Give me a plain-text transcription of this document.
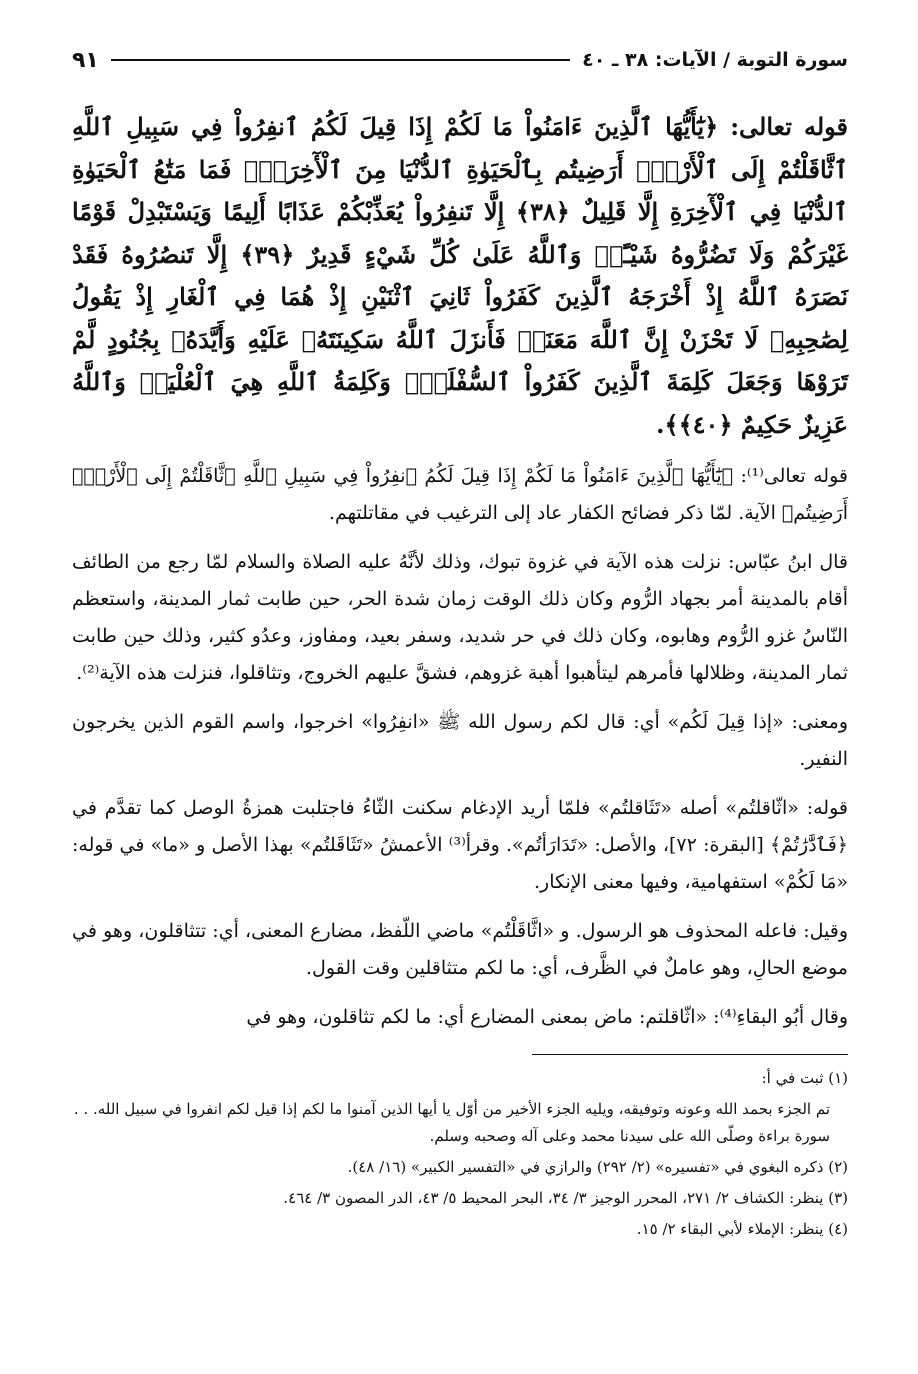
سورة التوبة / الآيات: ٣٨ ـ ٤٠
٩١

قوله تعالى: ﴿يَٰٓأَيُّهَا ٱلَّذِينَ ءَامَنُواْ مَا لَكُمْ إِذَا قِيلَ لَكُمُ ٱنفِرُواْ فِي سَبِيلِ ٱللَّهِ ٱثَّاقَلْتُمْ إِلَى ٱلْأَرْضِۚ أَرَضِيتُم بِٱلْحَيَوٰةِ ٱلدُّنْيَا مِنَ ٱلْأٓخِرَةِۚ فَمَا مَتَٰعُ ٱلْحَيَوٰةِ ٱلدُّنْيَا فِي ٱلْأٓخِرَةِ إِلَّا قَلِيلٌ ﴿٣٨﴾ إِلَّا تَنفِرُواْ يُعَذِّبْكُمْ عَذَابًا أَلِيمًا وَيَسْتَبْدِلْ قَوْمًا غَيْرَكُمْ وَلَا تَضُرُّوهُ شَيْـًٔاۗ وَٱللَّهُ عَلَىٰ كُلِّ شَيْءٍ قَدِيرٌ ﴿٣٩﴾ إِلَّا تَنصُرُوهُ فَقَدْ نَصَرَهُ ٱللَّهُ إِذْ أَخْرَجَهُ ٱلَّذِينَ كَفَرُواْ ثَانِيَ ٱثْنَيْنِ إِذْ هُمَا فِي ٱلْغَارِ إِذْ يَقُولُ لِصَٰحِبِهِۦ لَا تَحْزَنْ إِنَّ ٱللَّهَ مَعَنَاۖ فَأَنزَلَ ٱللَّهُ سَكِينَتَهُۥ عَلَيْهِ وَأَيَّدَهُۥ بِجُنُودٍ لَّمْ تَرَوْهَا وَجَعَلَ كَلِمَةَ ٱلَّذِينَ كَفَرُواْ ٱلسُّفْلَىٰۗ وَكَلِمَةُ ٱللَّهِ هِيَ ٱلْعُلْيَاۗ وَٱللَّهُ عَزِيزٌ حَكِيمٌ ﴿٤٠﴾﴾.

قوله تعالى⁽¹⁾: ﴿يَٰٓأَيُّهَا ٱلَّذِينَ ءَامَنُواْ مَا لَكُمْ إِذَا قِيلَ لَكُمُ ٱنفِرُواْ فِي سَبِيلِ ٱللَّهِ ٱثَّاقَلْتُمْ إِلَى ٱلْأَرْضِۚ أَرَضِيتُم﴾ الآية. لمّا ذكر فضائح الكفار عاد إلى الترغيب في مقاتلتهم.

قال ابنُ عبّاس: نزلت هذه الآية في غزوة تبوك، وذلك لأنَّهُ عليه الصلاة والسلام لمّا رجع من الطائف أقام بالمدينة أمر بجهاد الرُّوم وكان ذلك الوقت زمان شدة الحر، حين طابت ثمار المدينة، واستعظم النّاسُ غزو الرُّوم وهابوه، وكان ذلك في حر شديد، وسفر بعيد، ومفاوز، وعدُو كثير، وذلك حين طابت ثمار المدينة، وظلالها فأمرهم ليتأهبوا أهبة غزوهم، فشقَّ عليهم الخروج، وتثاقلوا، فنزلت هذه الآية⁽²⁾.

ومعنى: «إذا قِيلَ لَكُم» أي: قال لكم رسول الله ﷺ «انفِرُوا» اخرجوا، واسم القوم الذين يخرجون النفير.

قوله: «اثّاقلتُم» أصله «تَثَاقلتُم» فلمّا أريد الإدغام سكنت الثّاءُ فاجتلبت همزةُ الوصل كما تقدَّم في ﴿فَٱدَّٰرَٰتُمْ﴾ [البقرة: ٧٢]، والأصل: «تَدَارَأتُم». وقرأ⁽³⁾ الأعمشُ «تَثَاقَلتُم» بهذا الأصل و «ما» في قوله: «مَا لَكُمْ» استفهامية، وفيها معنى الإنكار.

وقيل: فاعله المحذوف هو الرسول. و «اثَّاقَلْتُم» ماضي اللّفظ، مضارع المعنى، أي: تتثاقلون، وهو في موضع الحالِ، وهو عاملٌ في الظَّرف، أي: ما لكم متثاقلين وقت القول.

وقال أبُو البقاءِ⁽⁴⁾: «اثّاقلتم: ماض بمعنى المضارع أي: ما لكم تثاقلون، وهو في

(١) ثبت في أ:

تم الجزء بحمد الله وعونه وتوفيقه، ويليه الجزء الأخير من أوّل يا أيها الذين آمنوا ما لكم إذا قيل لكم انفروا في سبيل الله. . . سورة براءة وصلّى الله على سيدنا محمد وعلى آله وصحبه وسلم.

(٢) ذكره البغوي في «تفسيره» (٢/ ٢٩٢) والرازي في «التفسير الكبير» (١٦/ ٤٨).

(٣) ينظر: الكشاف ٢/ ٢٧١، المحرر الوجيز ٣/ ٣٤، البحر المحيط ٥/ ٤٣، الدر المصون ٣/ ٤٦٤.

(٤) ينظر: الإملاء لأبي البقاء ٢/ ١٥.
